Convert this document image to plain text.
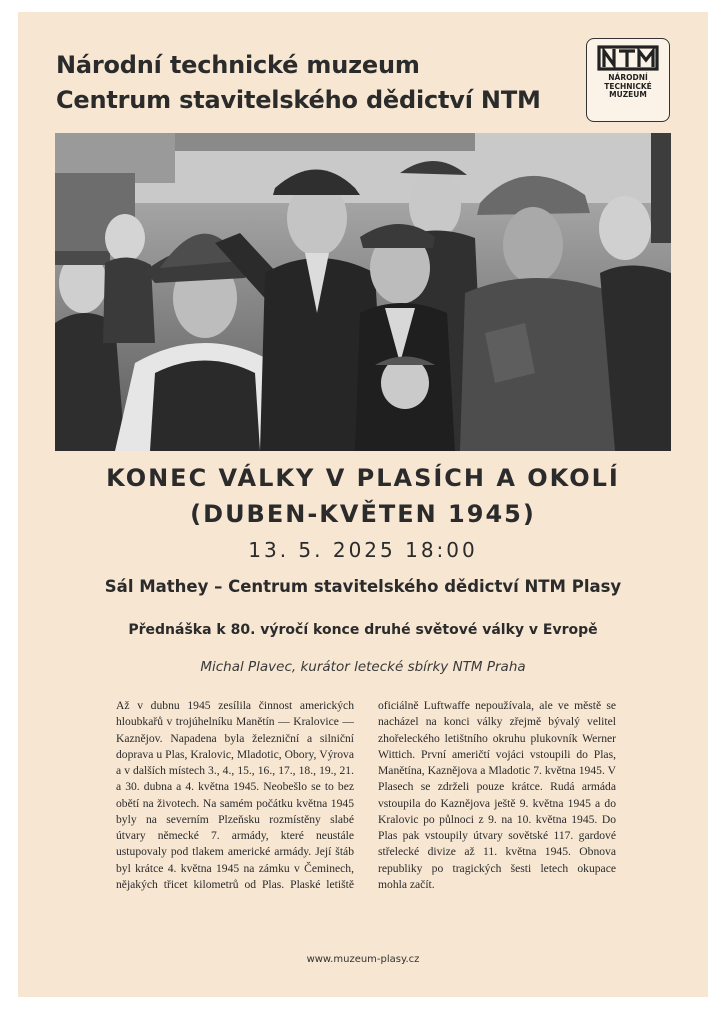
Národní technické muzeum
Centrum stavitelského dědictví NTM
NÁRODNÍ
TECHNICKÉ
MUZEUM
KONEC VÁLKY V PLASÍCH A OKOLÍ
(DUBEN-KVĚTEN 1945)
13. 5. 2025 18:00
Sál Mathey – Centrum stavitelského dědictví NTM Plasy
Přednáška k 80. výročí konce druhé světové války v Evropě
Michal Plavec, kurátor letecké sbírky NTM Praha
Až v dubnu 1945 zesílila činnost amerických hloubkařů v trojúhelníku Manětín — Kralovice — Kaznějov. Napadena byla železniční a silniční doprava u Plas, Kralovic, Mladotic, Obory, Výrova a v dalších místech 3., 4., 15., 16., 17., 18., 19., 21. a 30. dubna a 4. května 1945. Neobešlo se to bez obětí na životech. Na samém počátku května 1945 byly na severním Plzeňsku rozmístěny slabé útvary německé 7. armády, které neustále ustupovaly pod tlakem americké armády. Její štáb byl krátce 4. května 1945 na zámku v Čeminech, nějakých třicet kilometrů od Plas. Plaské letiště oficiálně Luftwaffe nepoužívala, ale ve městě se nacházel na konci války zřejmě bývalý velitel zhořeleckého letištního okruhu plukovník Werner Wittich. První američtí vojáci vstoupili do Plas, Manětína, Kaznějova a Mladotic 7. května 1945. V Plasech se zdrželi pouze krátce. Rudá armáda vstoupila do Kaznějova ještě 9. května 1945 a do Kralovic po půlnoci z 9. na 10. května 1945. Do Plas pak vstoupily útvary sovětské 117. gardové střelecké divize až 11. května 1945. Obnova republiky po tragických šesti letech okupace mohla začít.
www.muzeum-plasy.cz
